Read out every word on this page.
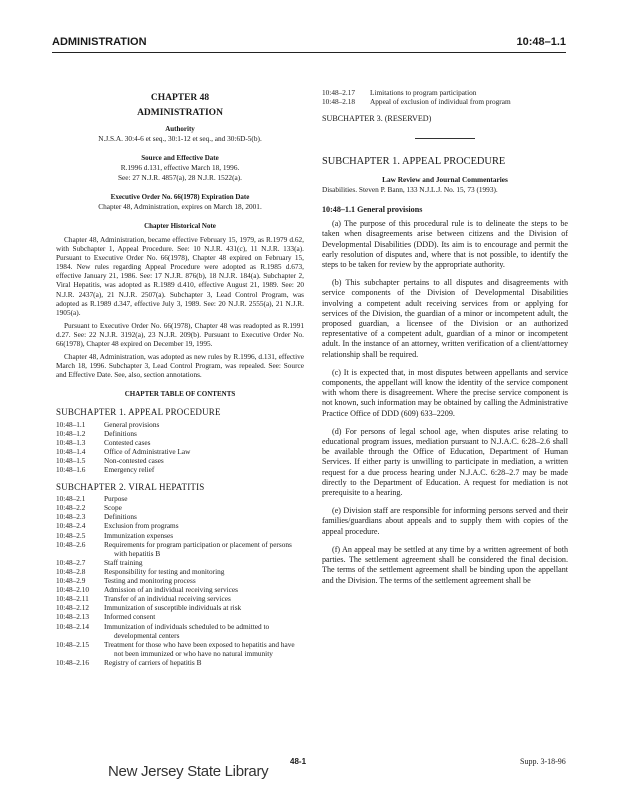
ADMINISTRATION	10:48–1.1
CHAPTER 48
ADMINISTRATION
Authority
N.J.S.A. 30:4-6 et seq., 30:1-12 et seq., and 30:6D-5(b).
Source and Effective Date
R.1996 d.131, effective March 18, 1996.
See: 27 N.J.R. 4857(a), 28 N.J.R. 1522(a).
Executive Order No. 66(1978) Expiration Date
Chapter 48, Administration, expires on March 18, 2001.
Chapter Historical Note

Chapter 48, Administration, became effective February 15, 1979, as R.1979 d.62, with Subchapter 1, Appeal Procedure. See: 10 N.J.R. 431(c), 11 N.J.R. 133(a). Pursuant to Executive Order No. 66(1978), Chapter 48 expired on February 15, 1984. New rules regarding Appeal Procedure were adopted as R.1985 d.673, effective January 21, 1986. See: 17 N.J.R. 876(b), 18 N.J.R. 184(a). Subchapter 2, Viral Hepatitis, was adopted as R.1989 d.410, effective August 21, 1989. See: 20 N.J.R. 2437(a), 21 N.J.R. 2507(a). Subchapter 3, Lead Control Program, was adopted as R.1989 d.347, effective July 3, 1989. See: 20 N.J.R. 2555(a), 21 N.J.R. 1905(a).

Pursuant to Executive Order No. 66(1978), Chapter 48 was readopted as R.1991 d.27. See: 22 N.J.R. 3192(a), 23 N.J.R. 209(b). Pursuant to Executive Order No. 66(1978), Chapter 48 expired on December 19, 1995.

Chapter 48, Administration, was adopted as new rules by R.1996, d.131, effective March 18, 1996. Subchapter 3, Lead Control Program, was repealed. See: Source and Effective Date. See, also, section annotations.

CHAPTER TABLE OF CONTENTS
SUBCHAPTER 1. APPEAL PROCEDURE
10:48–1.1	General provisions
10:48–1.2	Definitions
10:48–1.3	Contested cases
10:48–1.4	Office of Administrative Law
10:48–1.5	Non-contested cases
10:48–1.6	Emergency relief
SUBCHAPTER 2. VIRAL HEPATITIS
10:48–2.1	Purpose
10:48–2.2	Scope
10:48–2.3	Definitions
10:48–2.4	Exclusion from programs
10:48–2.5	Immunization expenses
10:48–2.6	Requirements for program participation or placement of persons with hepatitis B
10:48–2.7	Staff training
10:48–2.8	Responsibility for testing and monitoring
10:48–2.9	Testing and monitoring process
10:48–2.10	Admission of an individual receiving services
10:48–2.11	Transfer of an individual receiving services
10:48–2.12	Immunization of susceptible individuals at risk
10:48–2.13	Informed consent
10:48–2.14	Immunization of individuals scheduled to be admitted to developmental centers
10:48–2.15	Treatment for those who have been exposed to hepatitis and have not been immunized or who have no natural immunity
10:48–2.16	Registry of carriers of hepatitis B
10:48–2.17	Limitations to program participation
10:48–2.18	Appeal of exclusion of individual from program
SUBCHAPTER 3. (RESERVED)
SUBCHAPTER 1. APPEAL PROCEDURE
Law Review and Journal Commentaries
Disabilities. Steven P. Bann, 133 N.J.L.J. No. 15, 73 (1993).
10:48–1.1 General provisions

(a) The purpose of this procedural rule is to delineate the steps to be taken when disagreements arise between citizens and the Division of Developmental Disabilities (DDD). Its aim is to encourage and permit the early resolution of disputes and, where that is not possible, to identify the steps to be taken for review by the appropriate authority.

(b) This subchapter pertains to all disputes and disagreements with service components of the Division of Developmental Disabilities involving a competent adult receiving services from or applying for services of the Division, the guardian of a minor or incompetent adult, the proposed guardian, a licensee of the Division or an authorized representative of a competent adult, guardian of a minor or incompetent adult. In the instance of an attorney, written verification of a client/attorney relationship shall be required.

(c) It is expected that, in most disputes between appellants and service components, the appellant will know the identity of the service component with whom there is disagreement. Where the precise service component is not known, such information may be obtained by calling the Administrative Practice Office of DDD (609) 633–2209.

(d) For persons of legal school age, when disputes arise relating to educational program issues, mediation pursuant to N.J.A.C. 6:28–2.6 shall be available through the Office of Education, Department of Human Services. If either party is unwilling to participate in mediation, a written request for a due process hearing under N.J.A.C. 6:28–2.7 may be made directly to the Department of Education. A request for mediation is not prerequisite to a hearing.

(e) Division staff are responsible for informing persons served and their families/guardians about appeals and to supply them with copies of the appeal procedure.

(f) An appeal may be settled at any time by a written agreement of both parties. The settlement agreement shall be considered the final decision. The terms of the settlement agreement shall be binding upon the appellant and the Division. The terms of the settlement agreement shall be

48-1	Supp. 3-18-96
New Jersey State Library
